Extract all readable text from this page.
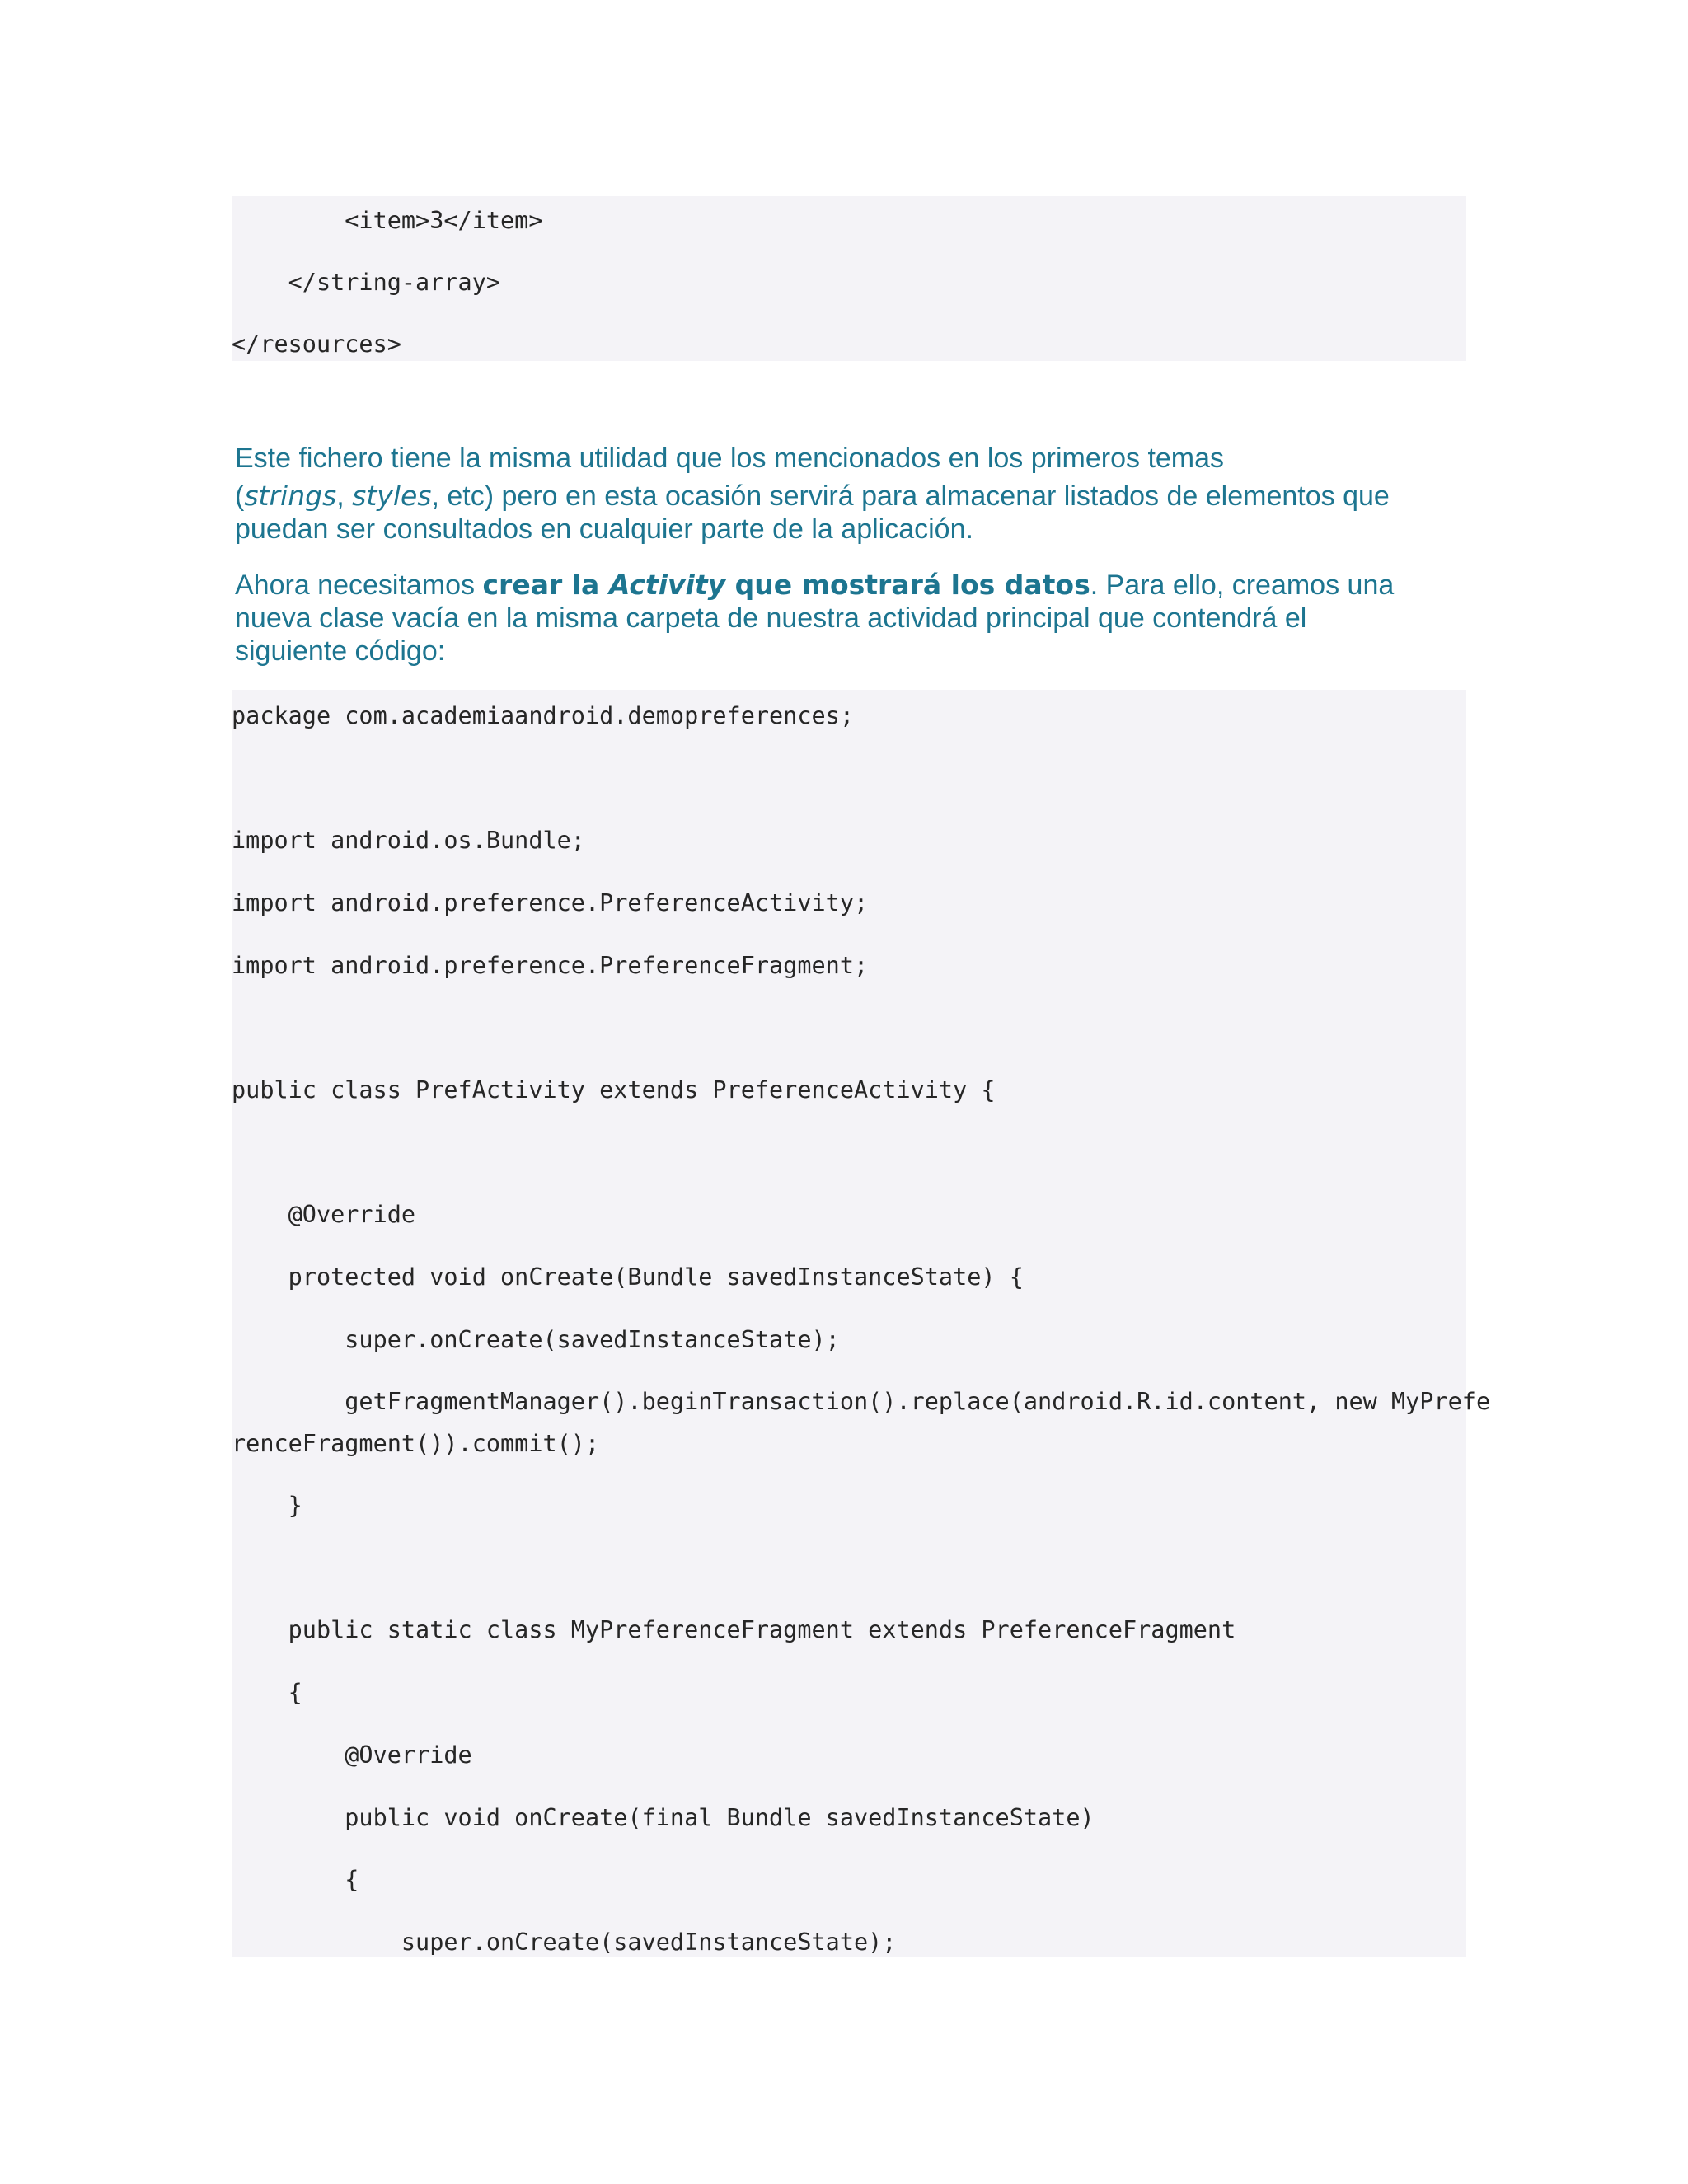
<item>3</item>
</string-array>
</resources>
Este fichero tiene la misma utilidad que los mencionados en los primeros temas
(strings, styles, etc) pero en esta ocasión servirá para almacenar listados de elementos que
puedan ser consultados en cualquier parte de la aplicación.
Ahora necesitamos crear la Activity que mostrará los datos. Para ello, creamos una
nueva clase vacía en la misma carpeta de nuestra actividad principal que contendrá el
siguiente código:
package com.academiaandroid.demopreferences;
import android.os.Bundle;
import android.preference.PreferenceActivity;
import android.preference.PreferenceFragment;
public class PrefActivity extends PreferenceActivity {
@Override
protected void onCreate(Bundle savedInstanceState) {
super.onCreate(savedInstanceState);
getFragmentManager().beginTransaction().replace(android.R.id.content, new MyPrefe
renceFragment()).commit();
}
public static class MyPreferenceFragment extends PreferenceFragment
{
@Override
public void onCreate(final Bundle savedInstanceState)
{
super.onCreate(savedInstanceState);
